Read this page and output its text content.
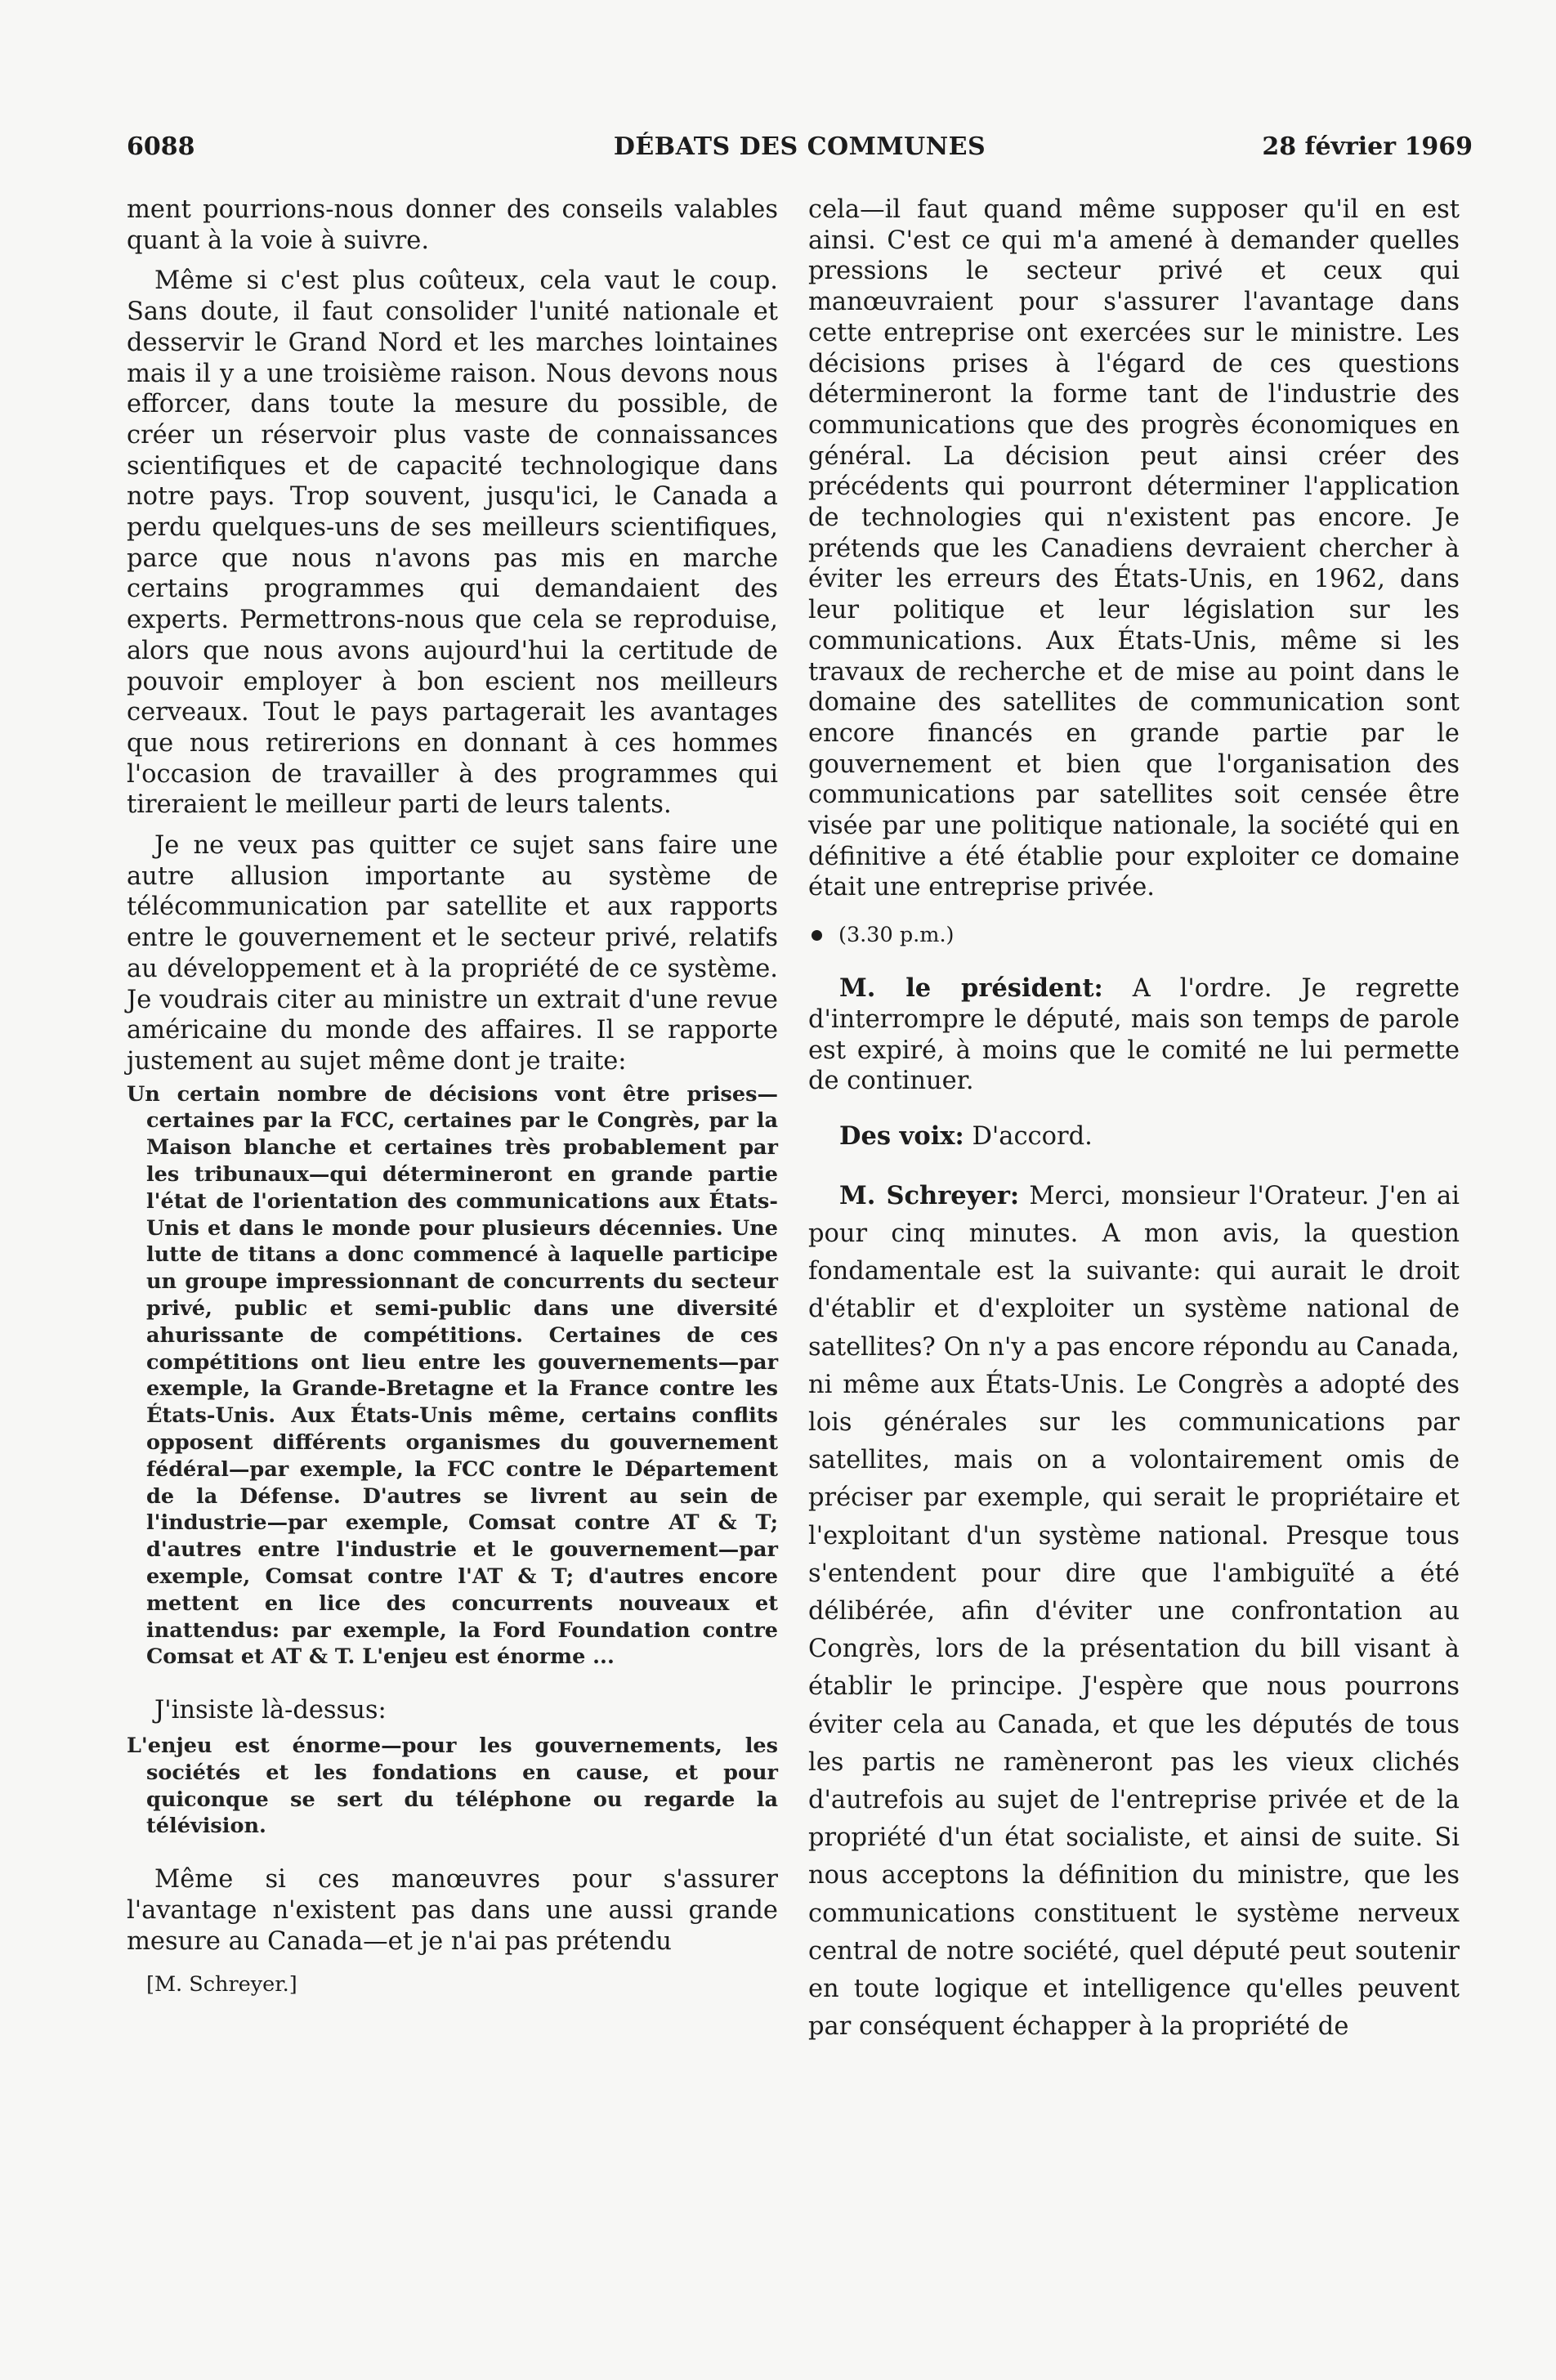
6088	DÉBATS DES COMMUNES	28 février 1969

ment pourrions-nous donner des conseils valables quant à la voie à suivre.

Même si c'est plus coûteux, cela vaut le coup. Sans doute, il faut consolider l'unité nationale et desservir le Grand Nord et les marches lointaines mais il y a une troisième raison. Nous devons nous efforcer, dans toute la mesure du possible, de créer un réservoir plus vaste de connaissances scientifiques et de capacité technologique dans notre pays. Trop souvent, jusqu'ici, le Canada a perdu quelques-uns de ses meilleurs scientifiques, parce que nous n'avons pas mis en marche certains programmes qui demandaient des experts. Permettrons-nous que cela se reproduise, alors que nous avons aujourd'hui la certitude de pouvoir employer à bon escient nos meilleurs cerveaux. Tout le pays partagerait les avantages que nous retirerions en donnant à ces hommes l'occasion de travailler à des programmes qui tireraient le meilleur parti de leurs talents.

Je ne veux pas quitter ce sujet sans faire une autre allusion importante au système de télécommunication par satellite et aux rapports entre le gouvernement et le secteur privé, relatifs au développement et à la propriété de ce système. Je voudrais citer au ministre un extrait d'une revue américaine du monde des affaires. Il se rapporte justement au sujet même dont je traite:

Un certain nombre de décisions vont être prises—certaines par la FCC, certaines par le Congrès, par la Maison blanche et certaines très probablement par les tribunaux—qui détermineront en grande partie l'état de l'orientation des communications aux États-Unis et dans le monde pour plusieurs décennies. Une lutte de titans a donc commencé à laquelle participe un groupe impressionnant de concurrents du secteur privé, public et semi-public dans une diversité ahurissante de compétitions. Certaines de ces compétitions ont lieu entre les gouvernements—par exemple, la Grande-Bretagne et la France contre les États-Unis. Aux États-Unis même, certains conflits opposent différents organismes du gouvernement fédéral—par exemple, la FCC contre le Département de la Défense. D'autres se livrent au sein de l'industrie—par exemple, Comsat contre AT & T; d'autres entre l'industrie et le gouvernement—par exemple, Comsat contre l'AT & T; d'autres encore mettent en lice des concurrents nouveaux et inattendus: par exemple, la Ford Foundation contre Comsat et AT & T. L'enjeu est énorme ...

J'insiste là-dessus:

L'enjeu est énorme—pour les gouvernements, les sociétés et les fondations en cause, et pour quiconque se sert du téléphone ou regarde la télévision.

Même si ces manœuvres pour s'assurer l'avantage n'existent pas dans une aussi grande mesure au Canada—et je n'ai pas prétendu

[M. Schreyer.]

cela—il faut quand même supposer qu'il en est ainsi. C'est ce qui m'a amené à demander quelles pressions le secteur privé et ceux qui manœuvraient pour s'assurer l'avantage dans cette entreprise ont exercées sur le ministre. Les décisions prises à l'égard de ces questions détermineront la forme tant de l'industrie des communications que des progrès économiques en général. La décision peut ainsi créer des précédents qui pourront déterminer l'application de technologies qui n'existent pas encore. Je prétends que les Canadiens devraient chercher à éviter les erreurs des États-Unis, en 1962, dans leur politique et leur législation sur les communications. Aux États-Unis, même si les travaux de recherche et de mise au point dans le domaine des satellites de communication sont encore financés en grande partie par le gouvernement et bien que l'organisation des communications par satellites soit censée être visée par une politique nationale, la société qui en définitive a été établie pour exploiter ce domaine était une entreprise privée.

(3.30 p.m.)

M. le président: A l'ordre. Je regrette d'interrompre le député, mais son temps de parole est expiré, à moins que le comité ne lui permette de continuer.

Des voix: D'accord.

M. Schreyer: Merci, monsieur l'Orateur. J'en ai pour cinq minutes. A mon avis, la question fondamentale est la suivante: qui aurait le droit d'établir et d'exploiter un système national de satellites? On n'y a pas encore répondu au Canada, ni même aux États-Unis. Le Congrès a adopté des lois générales sur les communications par satellites, mais on a volontairement omis de préciser par exemple, qui serait le propriétaire et l'exploitant d'un système national. Presque tous s'entendent pour dire que l'ambiguïté a été délibérée, afin d'éviter une confrontation au Congrès, lors de la présentation du bill visant à établir le principe. J'espère que nous pourrons éviter cela au Canada, et que les députés de tous les partis ne ramèneront pas les vieux clichés d'autrefois au sujet de l'entreprise privée et de la propriété d'un état socialiste, et ainsi de suite. Si nous acceptons la définition du ministre, que les communications constituent le système nerveux central de notre société, quel député peut soutenir en toute logique et intelligence qu'elles peuvent par conséquent échapper à la propriété de
